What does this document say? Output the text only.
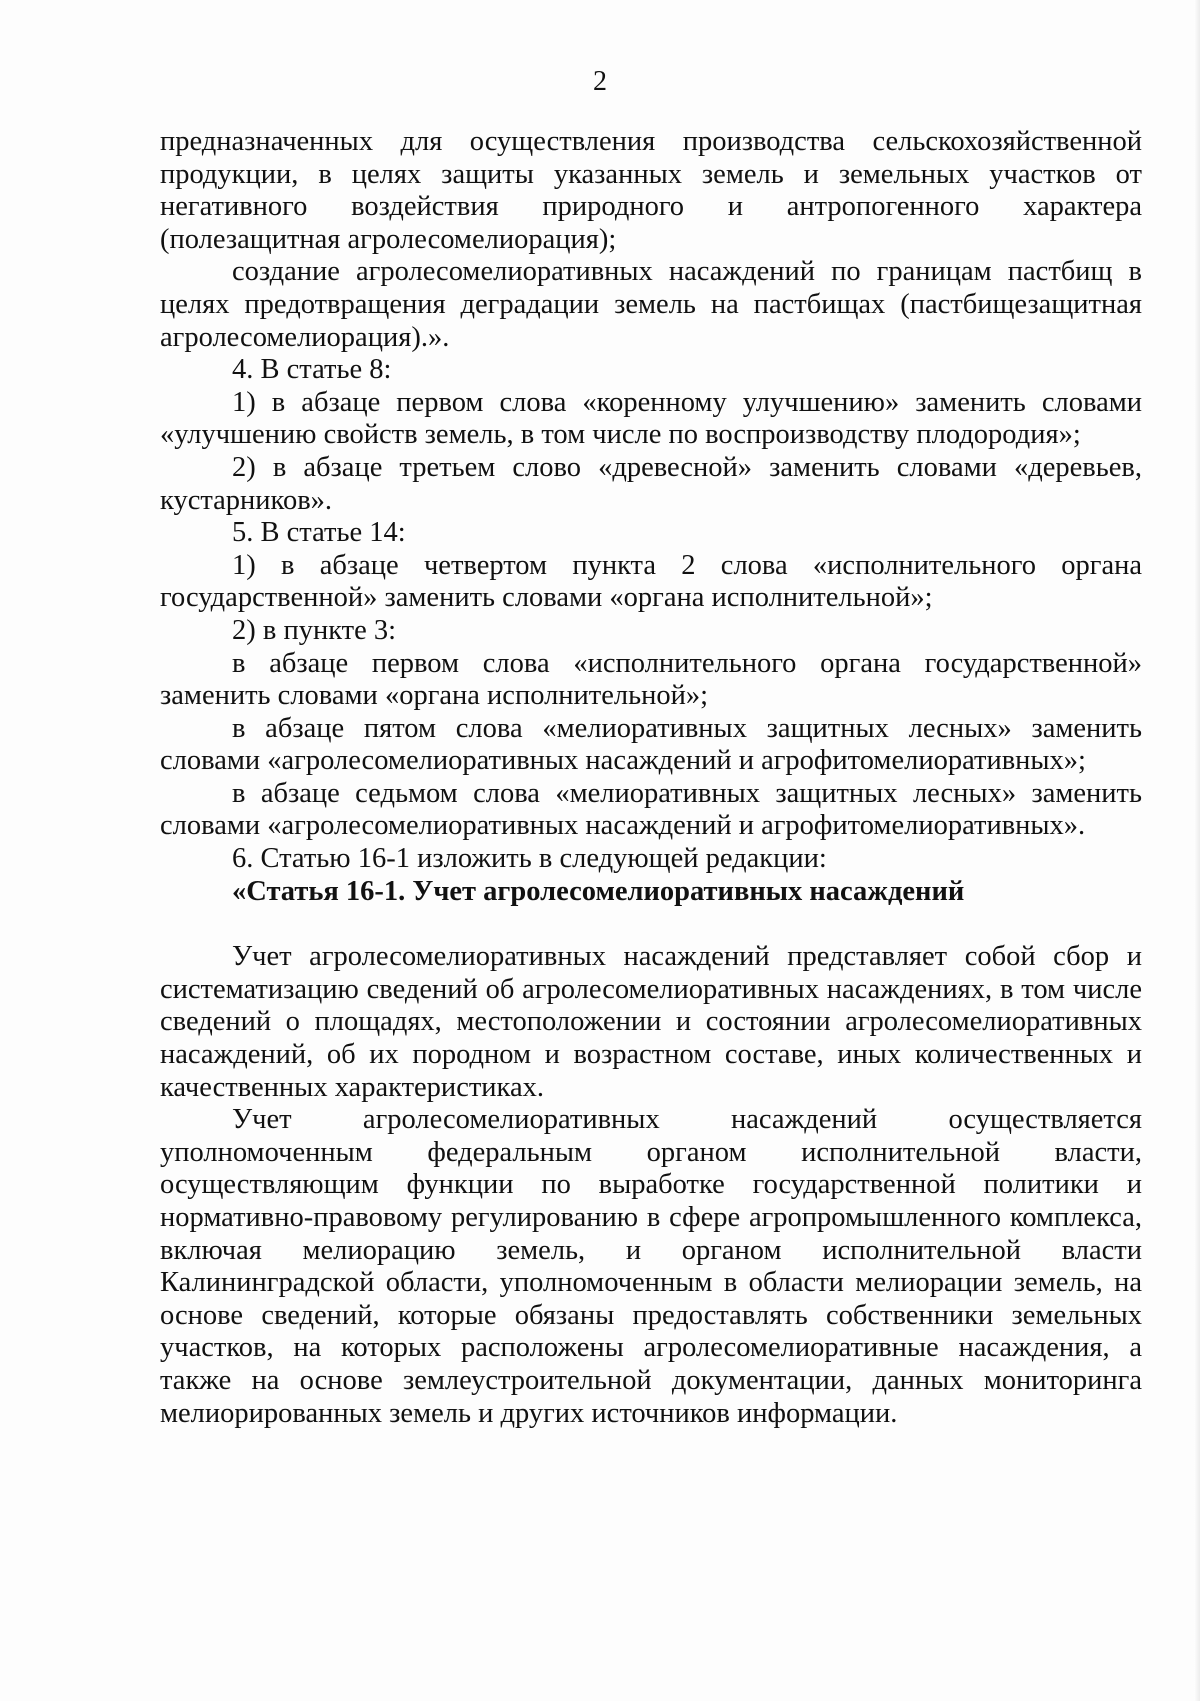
2

предназначенных для осуществления производства сельскохозяйственной продукции, в целях защиты указанных земель и земельных участков от негативного воздействия природного и антропогенного характера (полезащитная агролесомелиорация);

создание агролесомелиоративных насаждений по границам пастбищ в целях предотвращения деградации земель на пастбищах (пастбищезащитная агролесомелиорация).».

4. В статье 8:

1) в абзаце первом слова «коренному улучшению» заменить словами «улучшению свойств земель, в том числе по воспроизводству плодородия»;

2) в абзаце третьем слово «древесной» заменить словами «деревьев, кустарников».

5. В статье 14:

1) в абзаце четвертом пункта 2 слова «исполнительного органа государственной» заменить словами «органа исполнительной»;

2) в пункте 3:

в абзаце первом слова «исполнительного органа государственной» заменить словами «органа исполнительной»;

в абзаце пятом слова «мелиоративных защитных лесных» заменить словами «агролесомелиоративных насаждений и агрофитомелиоративных»;

в абзаце седьмом слова «мелиоративных защитных лесных» заменить словами «агролесомелиоративных насаждений и агрофитомелиоративных».

6. Статью 16-1 изложить в следующей редакции:

«Статья 16-1. Учет агролесомелиоративных насаждений

Учет агролесомелиоративных насаждений представляет собой сбор и систематизацию сведений об агролесомелиоративных насаждениях, в том числе сведений о площадях, местоположении и состоянии агролесомелиоративных насаждений, об их породном и возрастном составе, иных количественных и качественных характеристиках.

Учет агролесомелиоративных насаждений осуществляется уполномоченным федеральным органом исполнительной власти, осуществляющим функции по выработке государственной политики и нормативно-правовому регулированию в сфере агропромышленного комплекса, включая мелиорацию земель, и органом исполнительной власти Калининградской области, уполномоченным в области мелиорации земель, на основе сведений, которые обязаны предоставлять собственники земельных участков, на которых расположены агролесомелиоративные насаждения, а также на основе землеустроительной документации, данных мониторинга мелиорированных земель и других источников информации.
